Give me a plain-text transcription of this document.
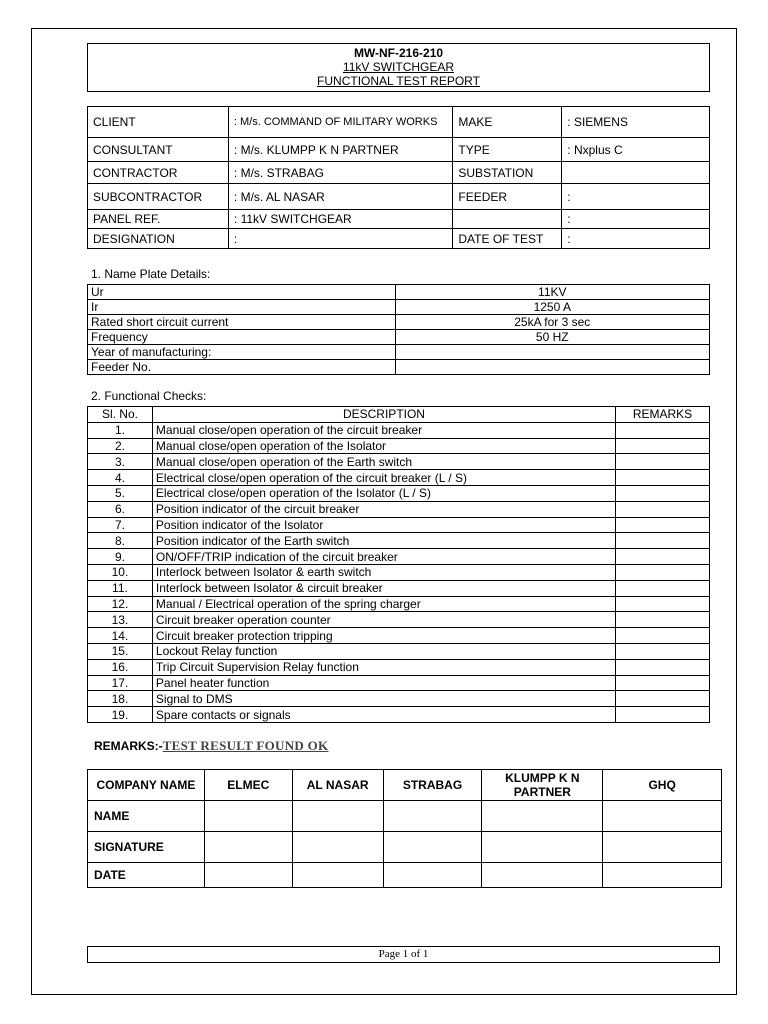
MW-NF-216-210
11kV SWITCHGEAR
FUNCTIONAL TEST REPORT
CLIENT	: M/s. COMMAND OF MILITARY WORKS	MAKE	: SIEMENS
CONSULTANT	: M/s. KLUMPP K N PARTNER	TYPE	: Nxplus C
CONTRACTOR	: M/s. STRABAG	SUBSTATION	
SUBCONTRACTOR	: M/s. AL NASAR	FEEDER	:
PANEL REF.	: 11kV SWITCHGEAR		:
DESIGNATION	:	DATE OF TEST	:
1. Name Plate Details:
Ur	11KV
Ir	1250 A
Rated short circuit current	25kA for 3 sec
Frequency	50 HZ
Year of manufacturing:	
Feeder No.	
2. Functional Checks:
Sl. No.	DESCRIPTION	REMARKS
1.	Manual close/open operation of the circuit breaker	
2.	Manual close/open operation of the Isolator	
3.	Manual close/open operation of the Earth switch	
4.	Electrical close/open operation of the circuit breaker (L / S)	
5.	Electrical close/open operation of the Isolator (L / S)	
6.	Position indicator of the circuit breaker	
7.	Position indicator of the Isolator	
8.	Position indicator of the Earth switch	
9.	ON/OFF/TRIP indication of the circuit breaker	
10.	Interlock between Isolator & earth switch	
11.	Interlock between Isolator & circuit breaker	
12.	Manual / Electrical operation of the spring charger	
13.	Circuit breaker operation counter	
14.	Circuit breaker protection tripping	
15.	Lockout Relay function	
16.	Trip Circuit Supervision Relay function	
17.	Panel heater function	
18.	Signal to DMS	
19.	Spare contacts or signals	
REMARKS:-TEST RESULT FOUND OK
COMPANY NAME	ELMEC	AL NASAR	STRABAG	KLUMPP K N PARTNER	GHQ
NAME					
SIGNATURE					
DATE					
Page 1 of 1
